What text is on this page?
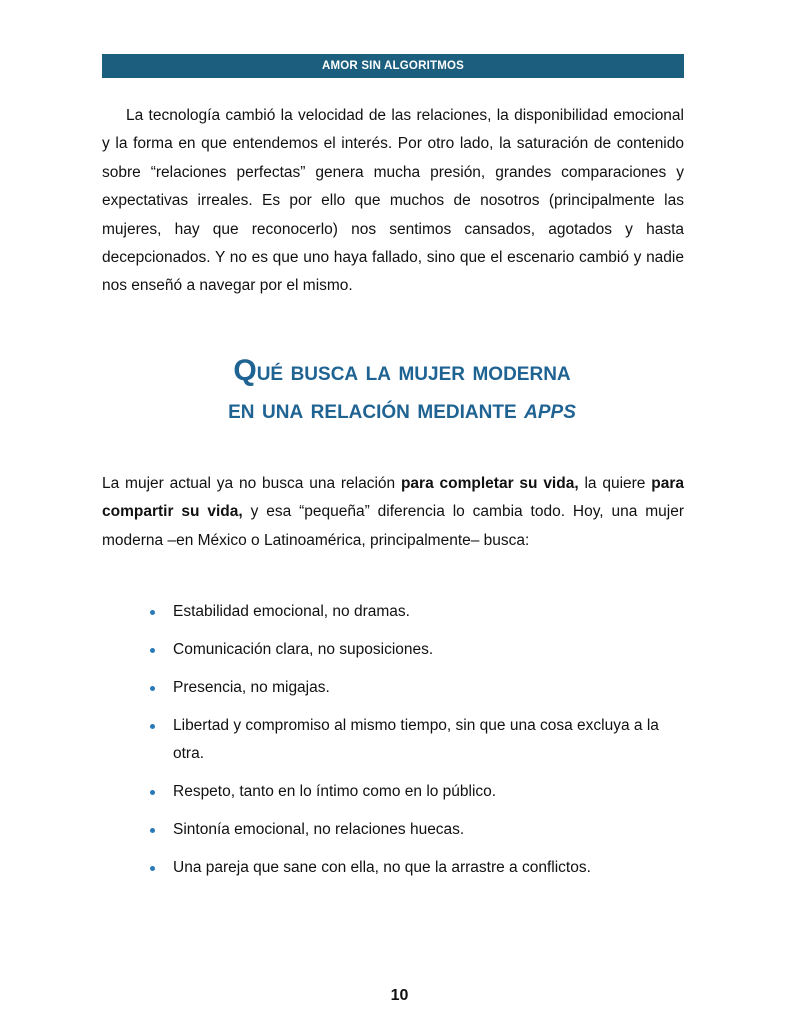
AMOR SIN ALGORITMOS

La tecnología cambió la velocidad de las relaciones, la disponibilidad emocional y la forma en que entendemos el interés. Por otro lado, la saturación de contenido sobre “relaciones perfectas” genera mucha presión, grandes comparaciones y expectativas irreales. Es por ello que muchos de nosotros (principalmente las mujeres, hay que reconocerlo) nos sentimos cansados, agotados y hasta decepcionados. Y no es que uno haya fallado, sino que el escenario cambió y nadie nos enseñó a navegar por el mismo.

Qué busca la mujer moderna
en una relación mediante apps

La mujer actual ya no busca una relación para completar su vida, la quiere para compartir su vida, y esa “pequeña” diferencia lo cambia todo. Hoy, una mujer moderna –en México o Latinoamérica, principalmente– busca:

Estabilidad emocional, no dramas.
Comunicación clara, no suposiciones.
Presencia, no migajas.
Libertad y compromiso al mismo tiempo, sin que una cosa excluya a la otra.
Respeto, tanto en lo íntimo como en lo público.
Sintonía emocional, no relaciones huecas.
Una pareja que sane con ella, no que la arrastre a conflictos.
10
